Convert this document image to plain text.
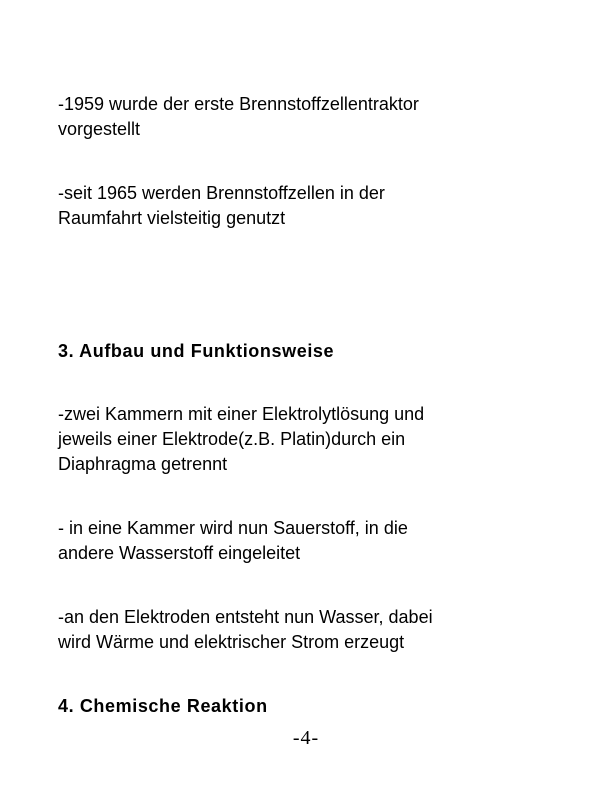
-1959 wurde der erste Brennstoffzellentraktor
vorgestellt
-seit 1965 werden Brennstoffzellen in der
Raumfahrt vielsteitig genutzt
3. Aufbau und Funktionsweise
-zwei Kammern mit einer Elektrolytlösung und
jeweils einer Elektrode(z.B. Platin)durch ein
Diaphragma getrennt
- in eine Kammer wird nun Sauerstoff, in die
andere Wasserstoff eingeleitet
-an den Elektroden entsteht nun Wasser, dabei
wird Wärme und elektrischer Strom erzeugt
4. Chemische Reaktion
-4-
